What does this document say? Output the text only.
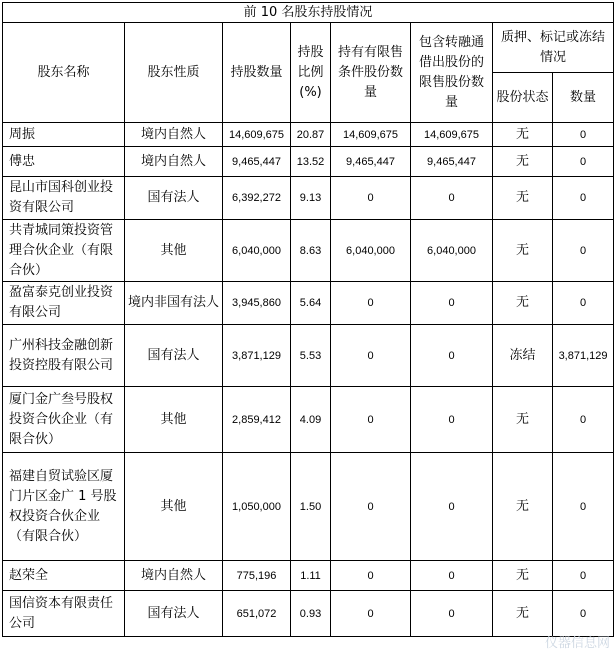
前 10 名股东持股情况							
股东名称	股东性质	持股数量	持股比例(%)	持有有限售条件股份数量	包含转融通借出股份的限售股份数量	质押、标记或冻结情况	
						股份状态	数量
周振	境内自然人	14,609,675	20.87	14,609,675	14,609,675	无	0
傅忠	境内自然人	9,465,447	13.52	9,465,447	9,465,447	无	0
昆山市国科创业投资有限公司	国有法人	6,392,272	9.13	0	0	无	0
共青城同策投资管理合伙企业（有限合伙）	其他	6,040,000	8.63	6,040,000	6,040,000	无	0
盈富泰克创业投资有限公司	境内非国有法人	3,945,860	5.64	0	0	无	0
广州科技金融创新投资控股有限公司	国有法人	3,871,129	5.53	0	0	冻结	3,871,129
厦门金广叁号股权投资合伙企业（有限合伙）	其他	2,859,412	4.09	0	0	无	0
福建自贸试验区厦门片区金广 1 号股权投资合伙企业（有限合伙）	其他	1,050,000	1.50	0	0	无	0
赵荣全	境内自然人	775,196	1.11	0	0	无	0
国信资本有限责任公司	国有法人	651,072	0.93	0	0	无	0
仪器信息网
